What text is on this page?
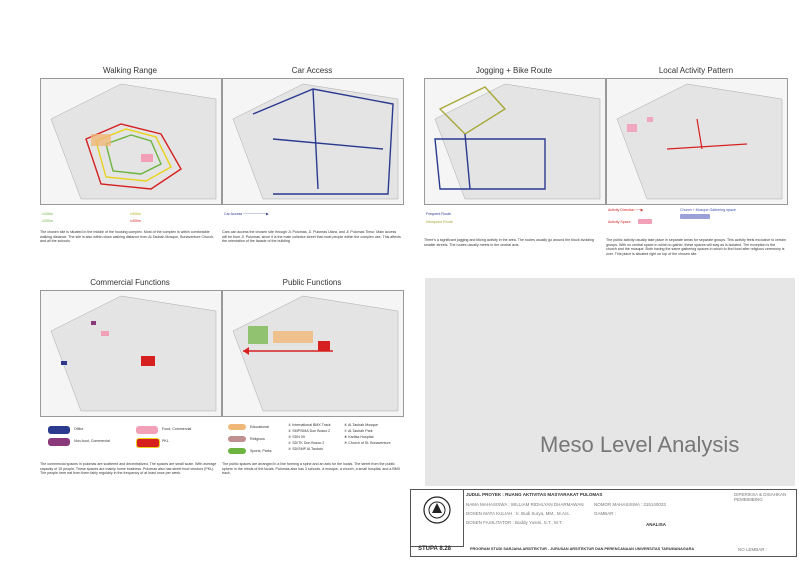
Walking Range
±100m
±200m
±300m
±400m
The chosen site is situated in the middle of the housing complex. Most of the complex is within comfortable walking distance. The site is also within close walking distance from Al-Taubah Mosque, Bonaventure Church, and all the schools.
Car Access
Car Access ─────────▶
Cars can access the chosen site through Jl. Pulomas, Jl. Pulomas Utara, and Jl. Pulomas Timur. Main access will be from Jl. Pulomas, since it is the main collector street that most people within the complex use. This affects the orientation of the facade of the building
Jogging + Bike Route
Frequent Route
Infrequent Route
There's a significant jogging and biking activity in the area. The routes usually go around the block avoiding smaller streets. The routes usually meets in the central axis.
Local Activity Pattern
Activity Direction ──▶	Church + Mosque Gathering space
Activity Space
The public activity usually take place in separate areas for separate groups. This activity feels exclusive to certain groups. With no central space in which to gather, these spaces will stay as is isolated. The exception is the church and the mosque. Both having the same gathering spaces in which to find food after religious ceremony is over. This place is situated right on top of the chosen site.
Commercial Functions
Office	Food, Commercial
Non-food, Commercial	PKL
The commercial spaces in pulomas are scattered and decentralized. The spaces are small scale. With average capacity of 15 people. These spaces are mainly home business. Pulomas also has street food vendors (PKL). The people here eat from them fairly regularly in the frequency of at least once per week.
Public Functions
Educational
Religious
Sports, Parks
① International BMX Track
② SMP/SMA Don Bosco 2
③ SDN 09
④ SD/TK Don Bosco 2
⑤ SD/SMP Al-Taubah
⑥ Al-Taubah Mosque
⑦ Al-Taubah Park
⑧ Kartika Hospital
⑨ Church of St. Bonaventure
The public spaces are arranged in a line forming a spine and an axis for the locals. The street from the public sphere in the minds of the locals. Pulomas also has 3 schools, a mosque, a church, a small hospital, and a BMX track.
Meso Level Analysis
JUDUL PROYEK : RUANG AKTIVITAS MASYARAKAT PULOMAS
NAMA MAHASISWA : WILLIAM RIDHLYAN DHARMAWAN NOMOR MAHASISWA : 315140033
DOSEN MATA KULIAH : Ir. Budi Surya, MM., M.Ars.	GAMBAR :
DOSEN FASILITATOR : Buddy Yusmi, S.T., M.T.	ANALISA
DIPERIKSA & DISAHKAN PEMBIMBING
STUPA 8.28	PROGRAM STUDI SARJANA ARSITEKTUR - JURUSAN ARSITEKTUR DAN PERENCANAAN UNIVERSITAS TARUMANAGARA	NO LEMBAR :
